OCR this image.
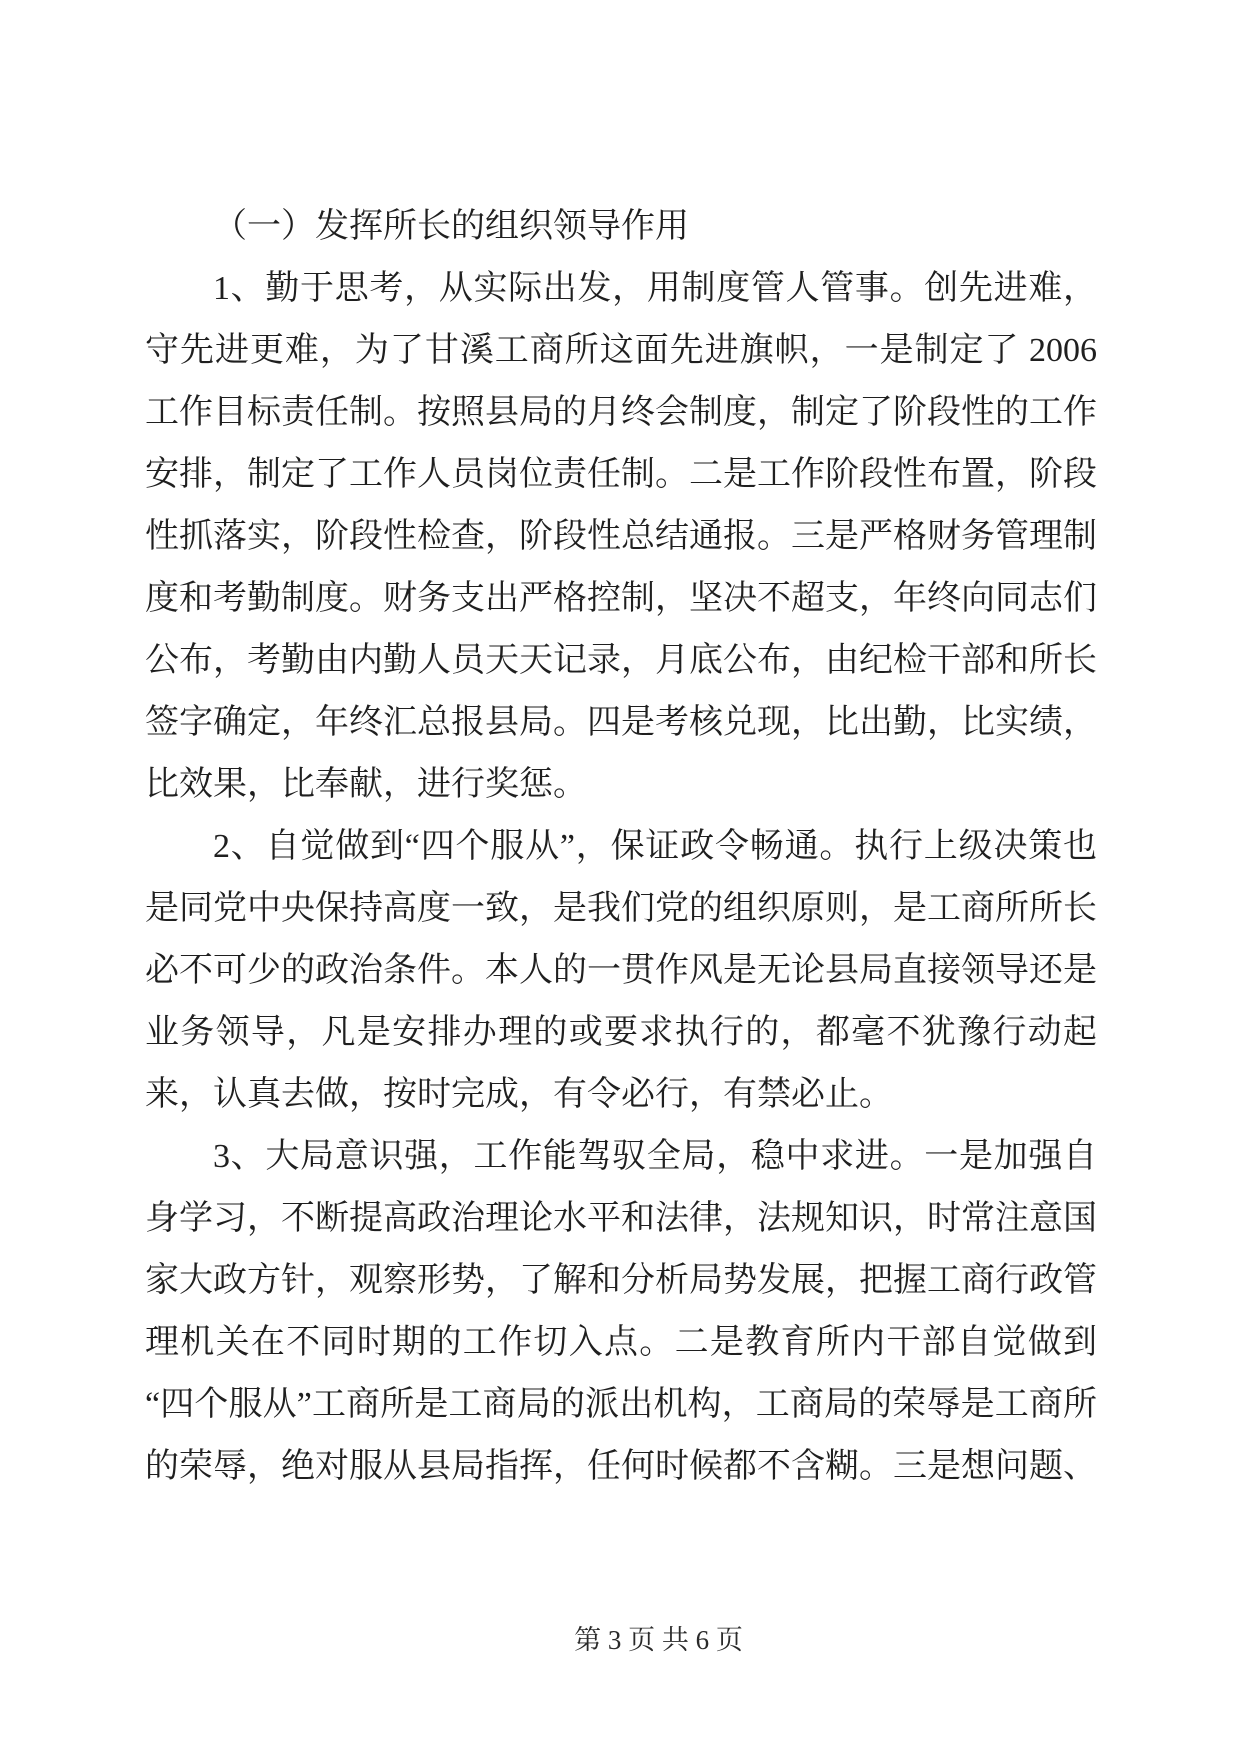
（一）发挥所长的组织领导作用

1、勤于思考，从实际出发，用制度管人管事。创先进难，守先进更难，为了甘溪工商所这面先进旗帜，一是制定了 2006 工作目标责任制。按照县局的月终会制度，制定了阶段性的工作安排，制定了工作人员岗位责任制。二是工作阶段性布置，阶段性抓落实，阶段性检查，阶段性总结通报。三是严格财务管理制度和考勤制度。财务支出严格控制，坚决不超支，年终向同志们公布，考勤由内勤人员天天记录，月底公布，由纪检干部和所长签字确定，年终汇总报县局。四是考核兑现，比出勤，比实绩，比效果，比奉献，进行奖惩。

2、自觉做到“四个服从”，保证政令畅通。执行上级决策也是同党中央保持高度一致，是我们党的组织原则，是工商所所长必不可少的政治条件。本人的一贯作风是无论县局直接领导还是业务领导，凡是安排办理的或要求执行的，都毫不犹豫行动起来，认真去做，按时完成，有令必行，有禁必止。

3、大局意识强，工作能驾驭全局，稳中求进。一是加强自身学习，不断提高政治理论水平和法律，法规知识，时常注意国家大政方针，观察形势，了解和分析局势发展，把握工商行政管理机关在不同时期的工作切入点。二是教育所内干部自觉做到“四个服从”工商所是工商局的派出机构，工商局的荣辱是工商所的荣辱，绝对服从县局指挥，任何时候都不含糊。三是想问题、

第 3 页 共 6 页
